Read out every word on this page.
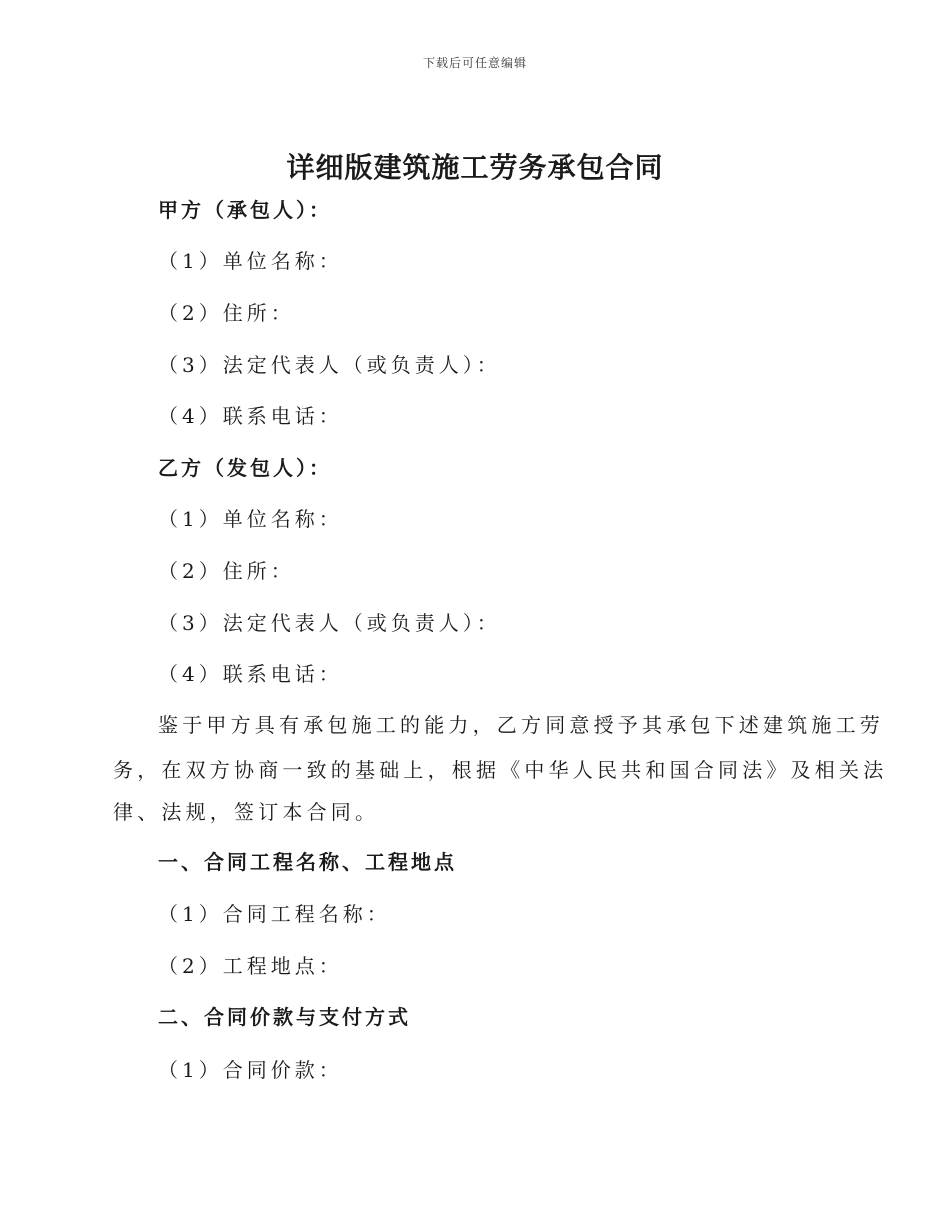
下载后可任意编辑
详细版建筑施工劳务承包合同
甲方（承包人）：
（1）单位名称：
（2）住所：
（3）法定代表人（或负责人）：
（4）联系电话：
乙方（发包人）：
（1）单位名称：
（2）住所：
（3）法定代表人（或负责人）：
（4）联系电话：
鉴于甲方具有承包施工的能力，乙方同意授予其承包下述建筑施工劳
务，在双方协商一致的基础上，根据《中华人民共和国合同法》及相关法
律、法规，签订本合同。
一、合同工程名称、工程地点
（1）合同工程名称：
（2）工程地点：
二、合同价款与支付方式
（1）合同价款：
